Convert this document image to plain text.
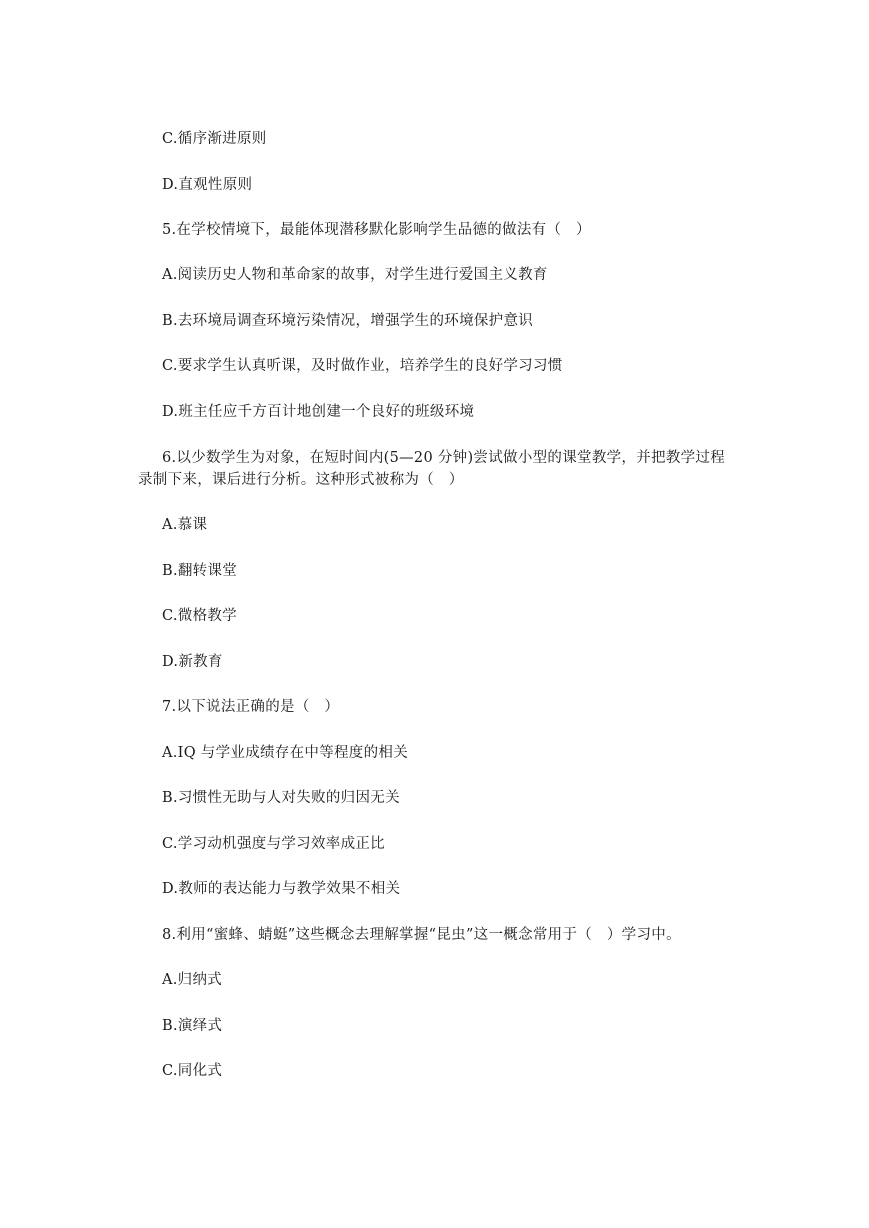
C.循序渐进原则
D.直观性原则
5.在学校情境下，最能体现潜移默化影响学生品德的做法有（　）
A.阅读历史人物和革命家的故事，对学生进行爱国主义教育
B.去环境局调查环境污染情况，增强学生的环境保护意识
C.要求学生认真听课，及时做作业，培养学生的良好学习习惯
D.班主任应千方百计地创建一个良好的班级环境
6.以少数学生为对象，在短时间内(5—20 分钟)尝试做小型的课堂教学，并把教学过程
录制下来，课后进行分析。这种形式被称为（　）
A.慕课
B.翻转课堂
C.微格教学
D.新教育
7.以下说法正确的是（　）
A.IQ 与学业成绩存在中等程度的相关
B.习惯性无助与人对失败的归因无关
C.学习动机强度与学习效率成正比
D.教师的表达能力与教学效果不相关
8.利用“蜜蜂、蜻蜓”这些概念去理解掌握“昆虫”这一概念常用于（　）学习中。
A.归纳式
B.演绎式
C.同化式
